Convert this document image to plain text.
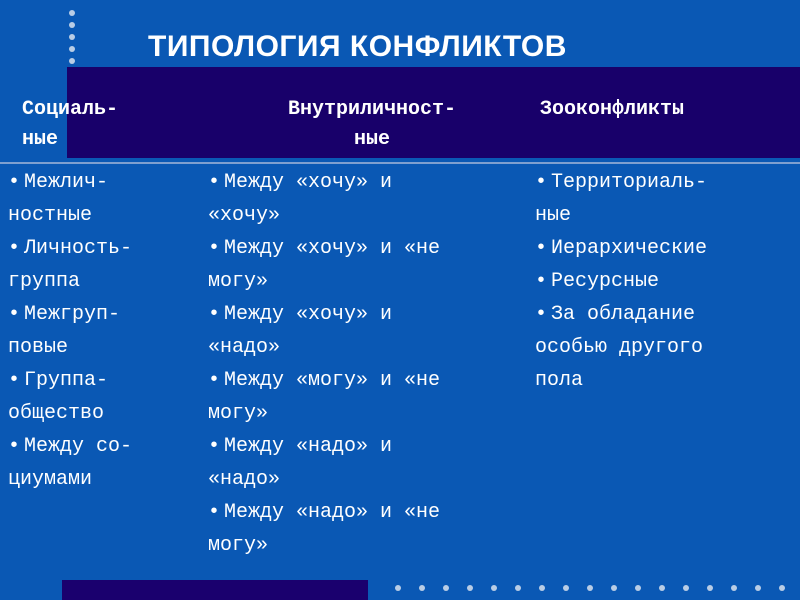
ТИПОЛОГИЯ КОНФЛИКТОВ
Социаль-
ные
Внутриличност-
ные
Зооконфликты
• Межлич-
ностные
• Личность-
группа
• Межгруп-
повые
• Группа-
общество
• Между со-
циумами
• Между «хочу» и
«хочу»
• Между «хочу» и «не
могу»
• Между «хочу» и
«надо»
• Между «могу» и «не
могу»
• Между «надо» и
«надо»
• Между «надо» и «не
могу»
• Территориаль-
ные
• Иерархические
• Ресурсные
• За обладание
особью другого
пола
